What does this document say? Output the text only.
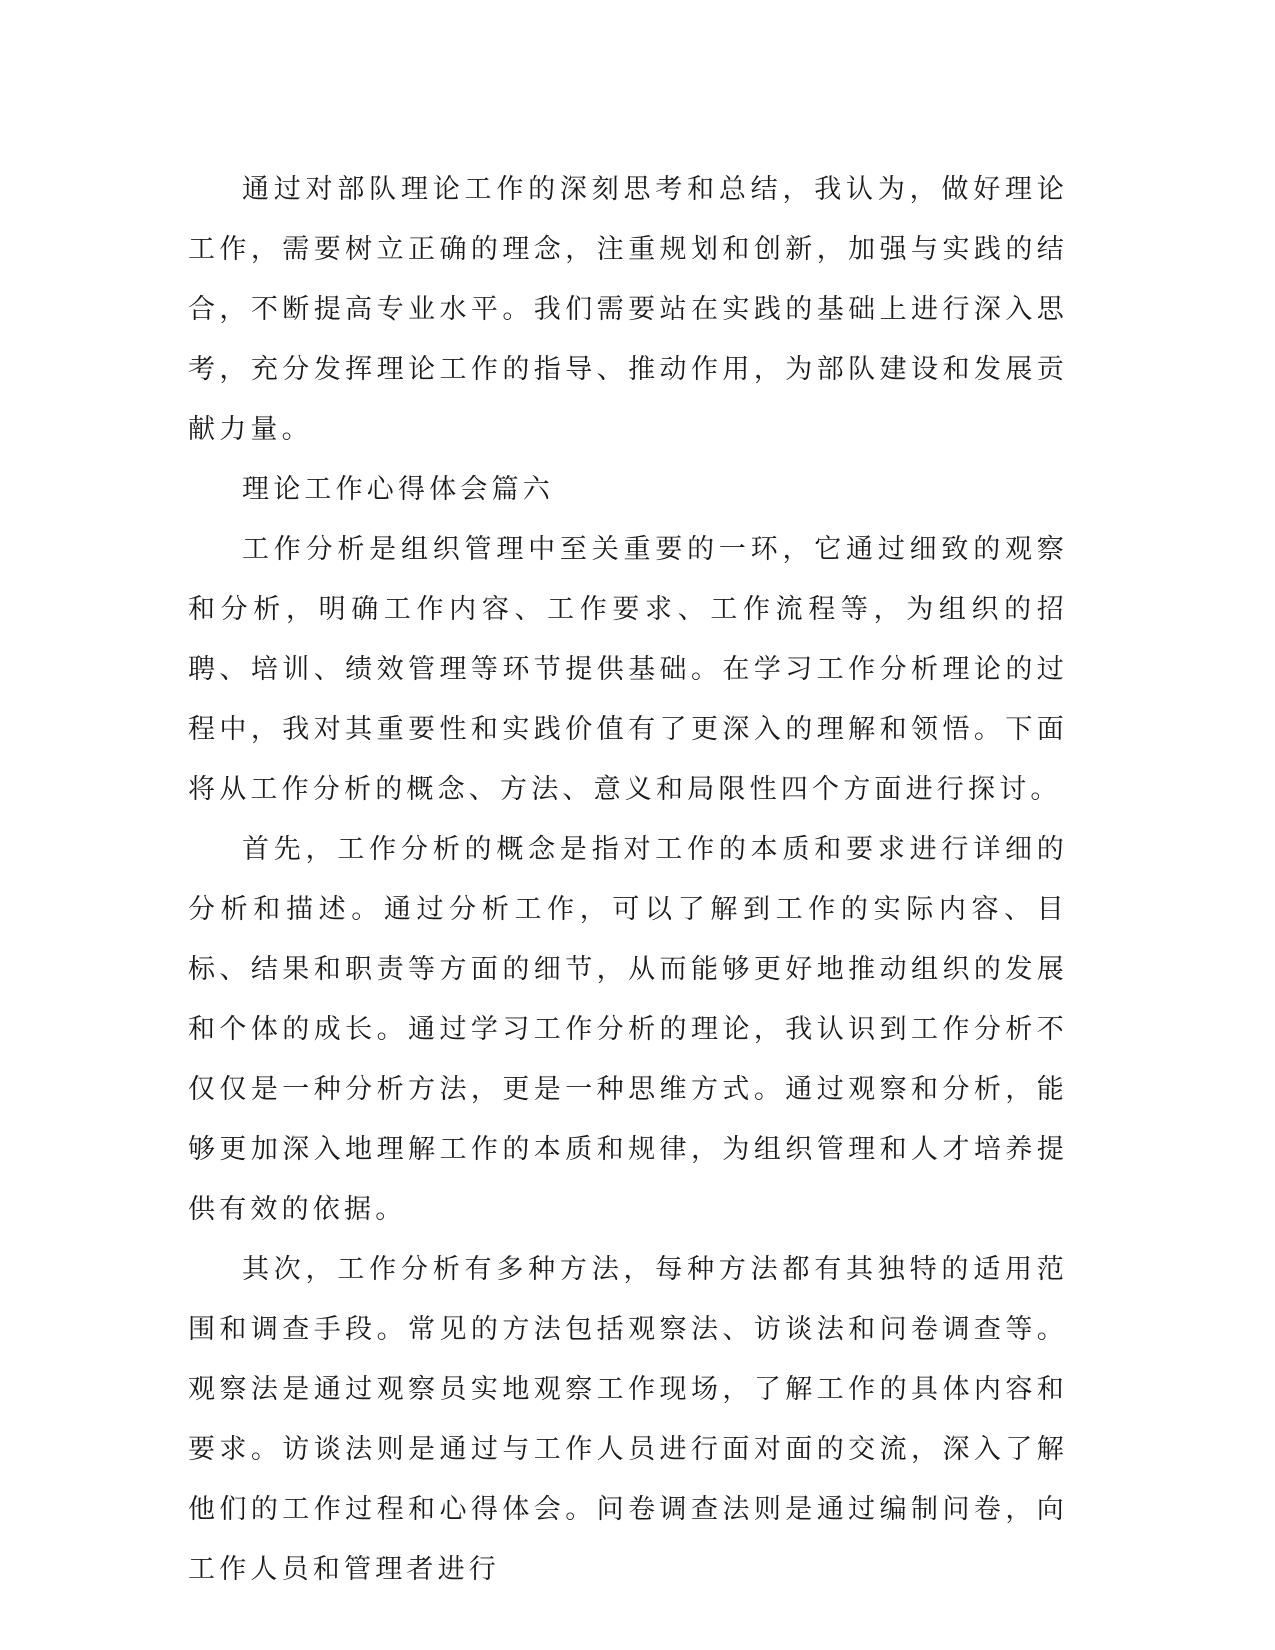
通过对部队理论工作的深刻思考和总结，我认为，做好理论工作，需要树立正确的理念，注重规划和创新，加强与实践的结合，不断提高专业水平。我们需要站在实践的基础上进行深入思考，充分发挥理论工作的指导、推动作用，为部队建设和发展贡献力量。

理论工作心得体会篇六

工作分析是组织管理中至关重要的一环，它通过细致的观察和分析，明确工作内容、工作要求、工作流程等，为组织的招聘、培训、绩效管理等环节提供基础。在学习工作分析理论的过程中，我对其重要性和实践价值有了更深入的理解和领悟。下面将从工作分析的概念、方法、意义和局限性四个方面进行探讨。

首先，工作分析的概念是指对工作的本质和要求进行详细的分析和描述。通过分析工作，可以了解到工作的实际内容、目标、结果和职责等方面的细节，从而能够更好地推动组织的发展和个体的成长。通过学习工作分析的理论，我认识到工作分析不仅仅是一种分析方法，更是一种思维方式。通过观察和分析，能够更加深入地理解工作的本质和规律，为组织管理和人才培养提供有效的依据。

其次，工作分析有多种方法，每种方法都有其独特的适用范围和调查手段。常见的方法包括观察法、访谈法和问卷调查等。观察法是通过观察员实地观察工作现场，了解工作的具体内容和要求。访谈法则是通过与工作人员进行面对面的交流，深入了解他们的工作过程和心得体会。问卷调查法则是通过编制问卷，向工作人员和管理者进行
